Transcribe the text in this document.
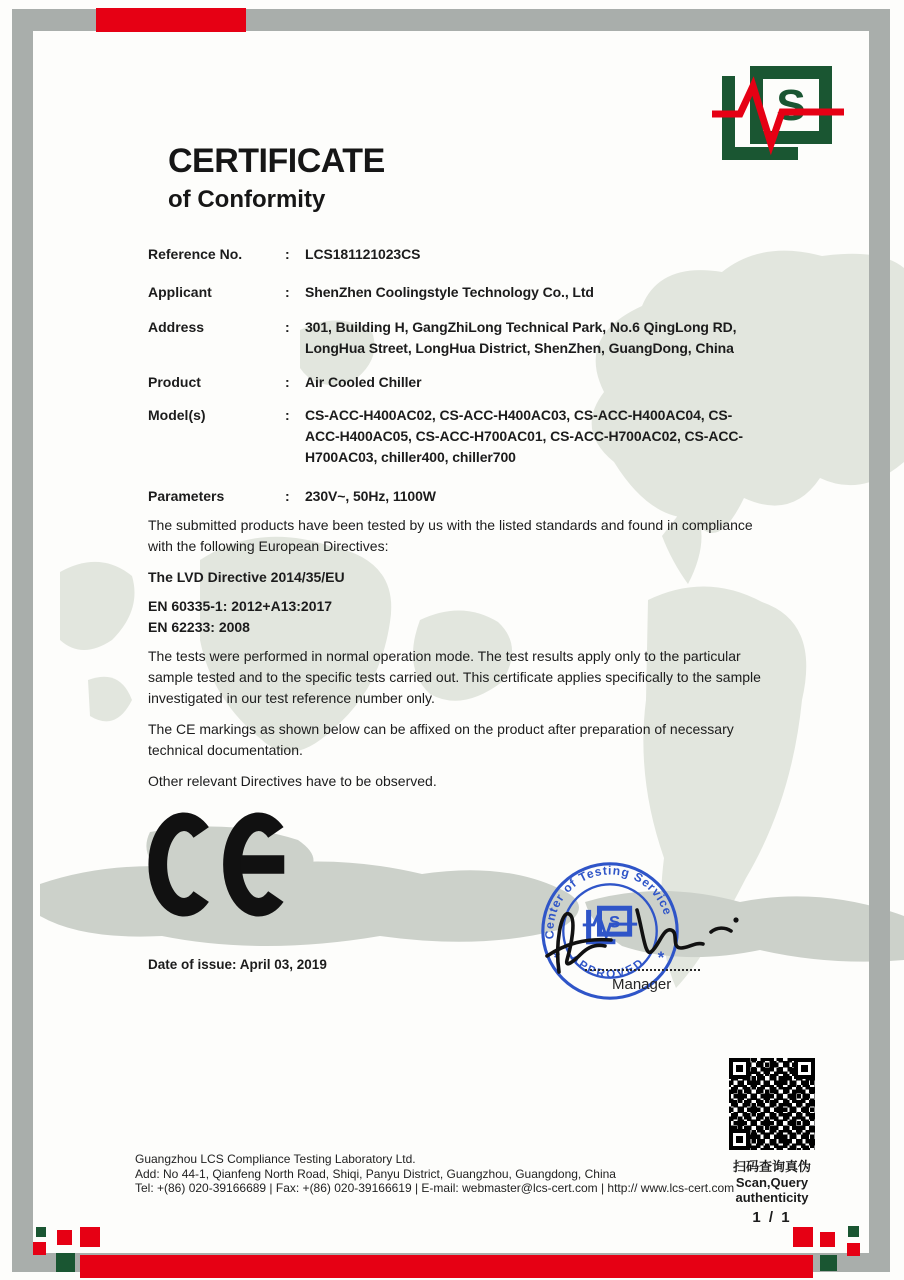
S
CERTIFICATE
of Conformity
Reference No.	:	LCS181121023CS
Applicant	:	ShenZhen Coolingstyle Technology Co., Ltd
Address	:	301, Building H, GangZhiLong Technical Park, No.6 QingLong RD,
LongHua Street, LongHua District, ShenZhen, GuangDong, China
Product	:	Air Cooled Chiller
Model(s)	:	CS-ACC-H400AC02, CS-ACC-H400AC03, CS-ACC-H400AC04, CS-
ACC-H400AC05, CS-ACC-H700AC01, CS-ACC-H700AC02, CS-ACC-
H700AC03, chiller400, chiller700
Parameters	:	230V~, 50Hz, 1100W
The submitted products have been tested by us with the listed standards and found in compliance with the following European Directives:
The LVD Directive 2014/35/EU
EN 60335-1: 2012+A13:2017
EN 62233: 2008
The tests were performed in normal operation mode. The test results apply only to the particular sample tested and to the specific tests carried out. This certificate applies specifically to the sample investigated in our test reference number only.
The CE markings as shown below can be affixed on the product after preparation of necessary technical documentation.
Other relevant Directives have to be observed.
Center of Testing Service
APPROVED
*	*
S
Manager
Date of issue: April 03, 2019
扫码查询真伪
Scan,Query authenticity
1 / 1
Guangzhou LCS Compliance Testing Laboratory Ltd.
Add: No 44-1, Qianfeng North Road, Shiqi, Panyu District, Guangzhou, Guangdong, China
Tel: +(86) 020-39166689 | Fax: +(86) 020-39166619 | E-mail: webmaster@lcs-cert.com | http:// www.lcs-cert.com
